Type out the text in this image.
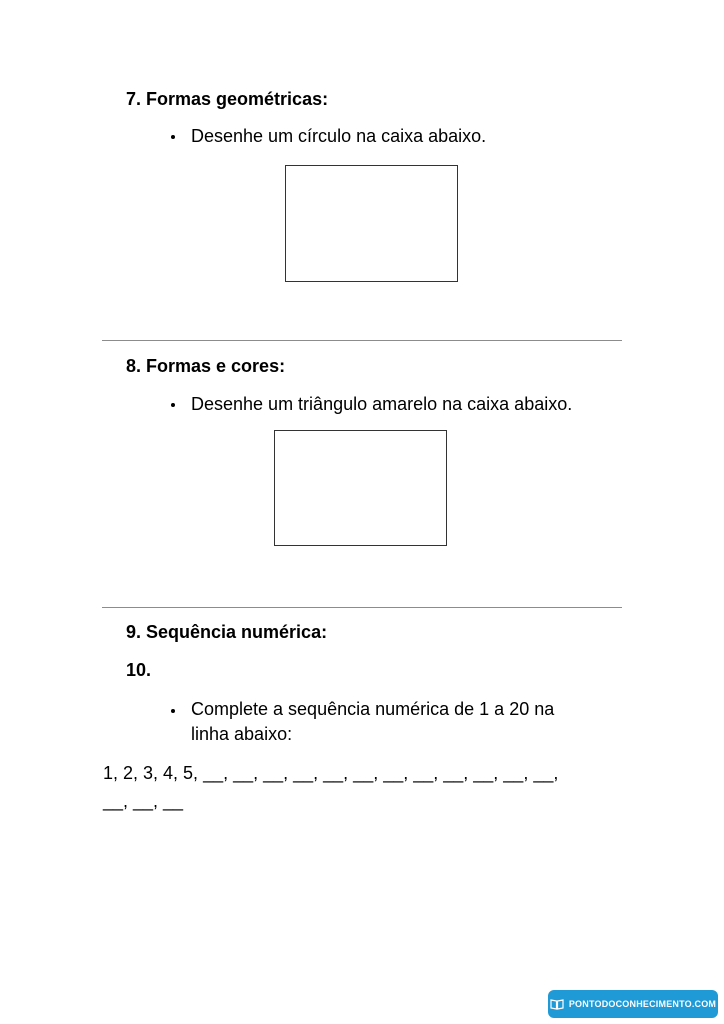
7. Formas geométricas:
Desenhe um círculo na caixa abaixo.
8. Formas e cores:
Desenhe um triângulo amarelo na caixa abaixo.
9. Sequência numérica:
10.
Complete a sequência numérica de 1 a 20 na
linha abaixo:
1, 2, 3, 4, 5, __, __, __, __, __, __, __, __, __, __, __, __,
__, __, __
PONTODOCONHECIMENTO.COM
